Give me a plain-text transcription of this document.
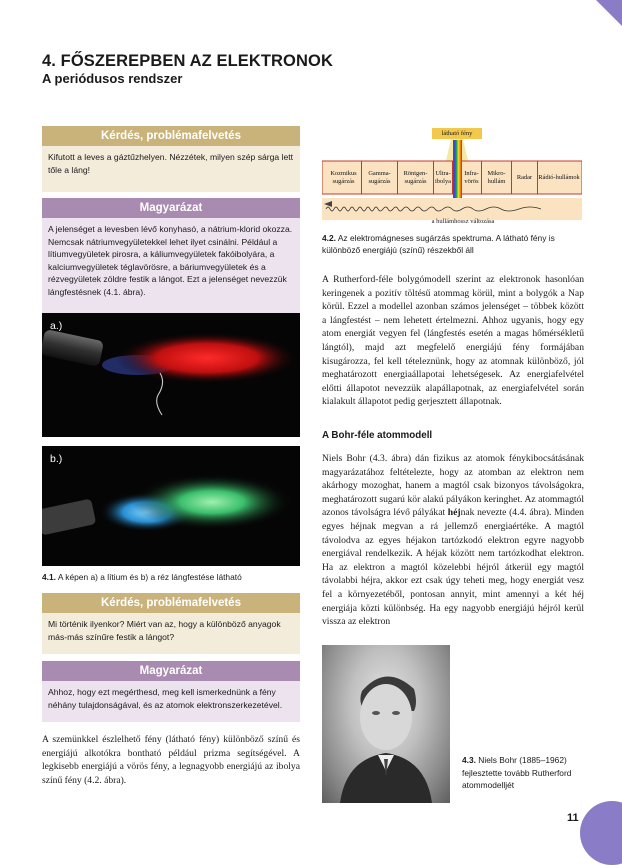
4. FŐSZEREPBEN AZ ELEKTRONOK
A periódusos rendszer
Kérdés, problémafelvetés
Kifutott a leves a gáztűzhelyen. Nézzétek, milyen szép sárga lett tőle a láng!
Magyarázat
A jelenséget a levesben lévő konyhasó, a nátrium-klorid okozza. Nemcsak nátriumvegyületekkel lehet ilyet csinálni. Például a lítiumvegyületek pirosra, a káliumvegyületek fakóibolyára, a kalciumvegyületek téglavörösre, a báriumvegyületek és a rézvegyületek zöldre festik a lángot. Ezt a jelenséget nevezzük lángfestésnek (4.1. ábra).
a.)
b.)
4.1. A képen a) a lítium és b) a réz lángfestése látható
Kérdés, problémafelvetés
Mi történik ilyenkor? Miért van az, hogy a különböző anyagok más-más színűre festik a lángot?
Magyarázat
Ahhoz, hogy ezt megérthesd, meg kell ismerkednünk a fény néhány tulajdonságával, és az atomok elektronszerkezetével.

A szemünkkel észlelhető fény (látható fény) különböző színű és energiájú alkotókra bontható például prizma segítségével. A legkisebb energiájú a vörös fény, a legnagyobb energiájú az ibolya színű fény (4.2. ábra).

látható fény
Kozmikus sugárzás
Gamma-sugárzás
Röntgen-sugárzás
Ultra-ibolya
Infra-vörös
Mikro-hullám
Radar Rádió-hullámok
a hullámhossz változása
4.2. Az elektromágneses sugárzás spektruma. A látható fény is különböző energiájú (színű) részekből áll

A Rutherford-féle bolygómodell szerint az elektronok hasonlóan keringenek a pozitív töltésű atommag körül, mint a bolygók a Nap körül. Ezzel a modellel azonban számos jelenséget – többek között a lángfestést – nem lehetett értelmezni. Ahhoz ugyanis, hogy egy atom energiát vegyen fel (lángfestés esetén a magas hőmérsékletű lángtól), majd azt megfelelő energiájú fény formájában kisugározza, fel kell tételeznünk, hogy az atomnak különböző, jól meghatározott energiaállapotai lehetségesek. Az energiafelvétel előtti állapotot nevezzük alapállapotnak, az energiafelvétel során kialakult állapotot pedig gerjesztett állapotnak.

A Bohr-féle atommodell

Niels Bohr (4.3. ábra) dán fizikus az atomok fénykibocsátásának magyarázatához feltételezte, hogy az atomban az elektron nem akárhogy mozoghat, hanem a magtól csak bizonyos távolságokra, meghatározott sugarú kör alakú pályákon keringhet. Az atommagtól azonos távolságra lévő pályákat héjnak nevezte (4.4. ábra). Minden egyes héjnak megvan a rá jellemző energiaértéke. A magtól távolodva az egyes héjakon tartózkodó elektron egyre nagyobb energiával rendelkezik. A héjak között nem tartózkodhat elektron. Ha az elektron a magtól közelebbi héjról átkerül egy magtól távolabbi héjra, akkor ezt csak úgy teheti meg, hogy energiát vesz fel a környezetéből, pontosan annyit, mint amennyi a két héj energiája közti különbség. Ha egy nagyobb energiájú héjról kerül vissza az elektron

4.3. Niels Bohr (1885–1962) fejlesztette tovább Rutherford atommodelljét
11
